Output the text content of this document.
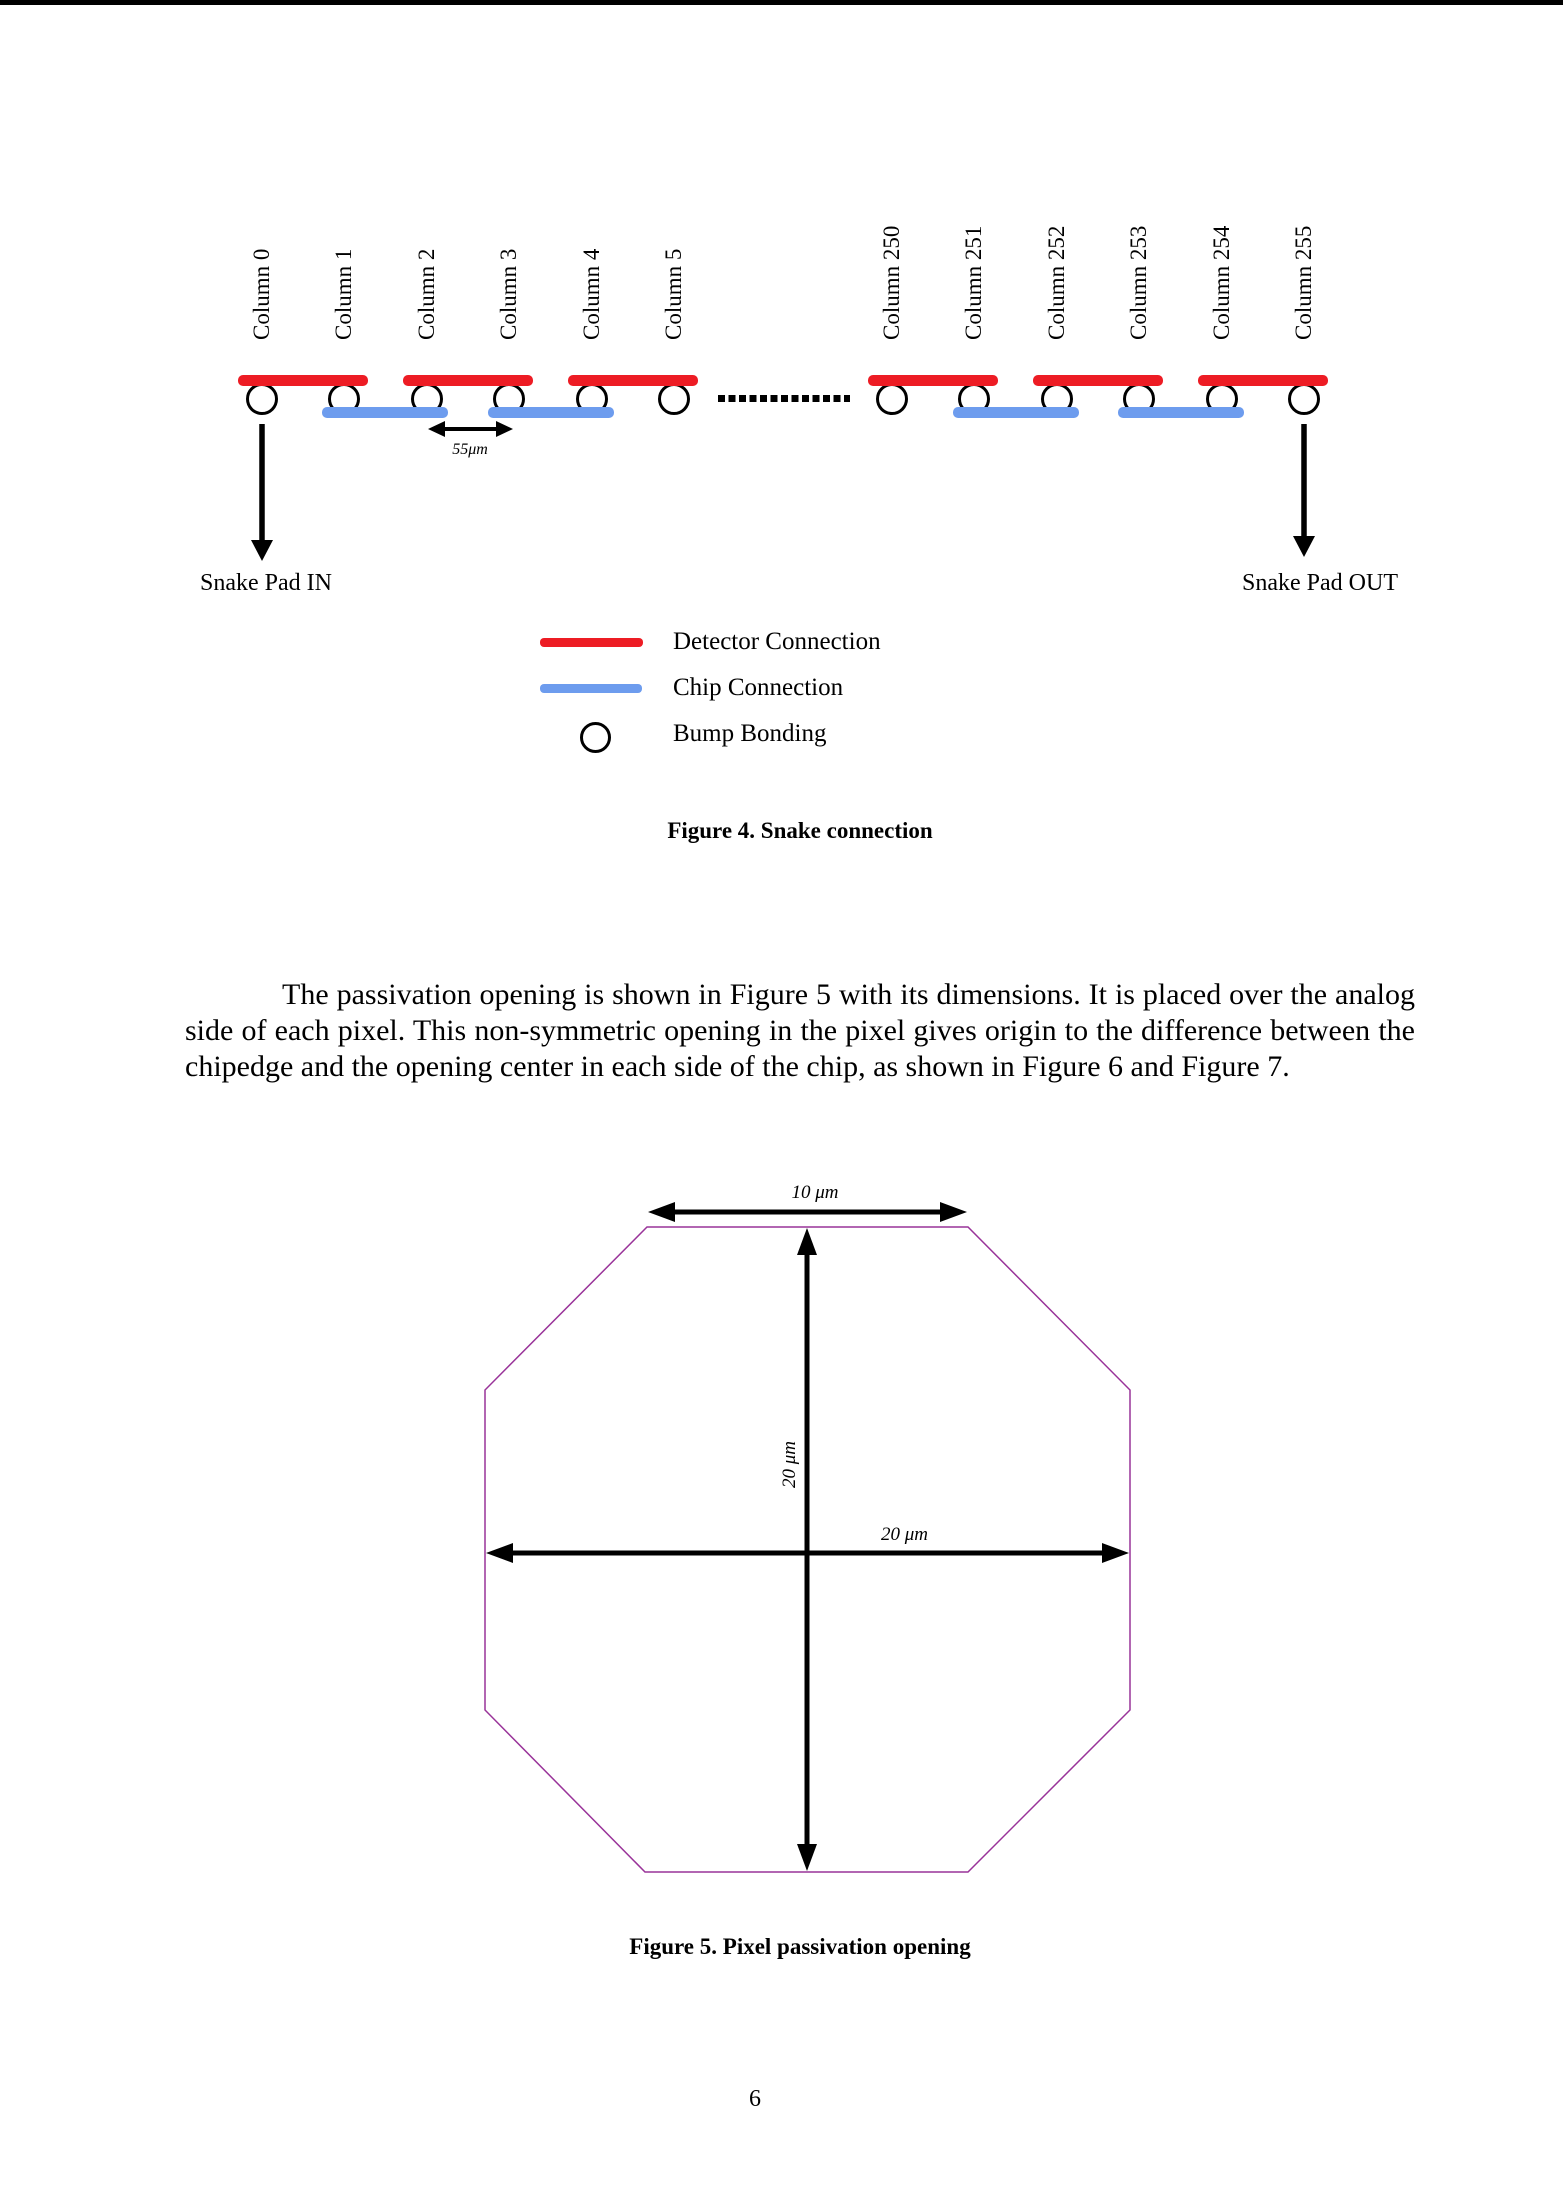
Column 0 Column 1	Column 2 Column 3	Column 4 Column 5	Column 250 Column 251	Column 252 Column 253	Column 254 Column 255
55μm
Snake Pad IN	Snake Pad OUT
Detector Connection
Chip Connection
Bump Bonding
Figure 4. Snake connection

The passivation opening is shown in Figure 5 with its dimensions. It is placed over the analog side of each pixel. This non-symmetric opening in the pixel gives origin to the difference between the chipedge and the opening center in each side of the chip, as shown in Figure 6 and Figure 7.

10 μm
20 μm
20 μm
Figure 5. Pixel passivation opening
6
